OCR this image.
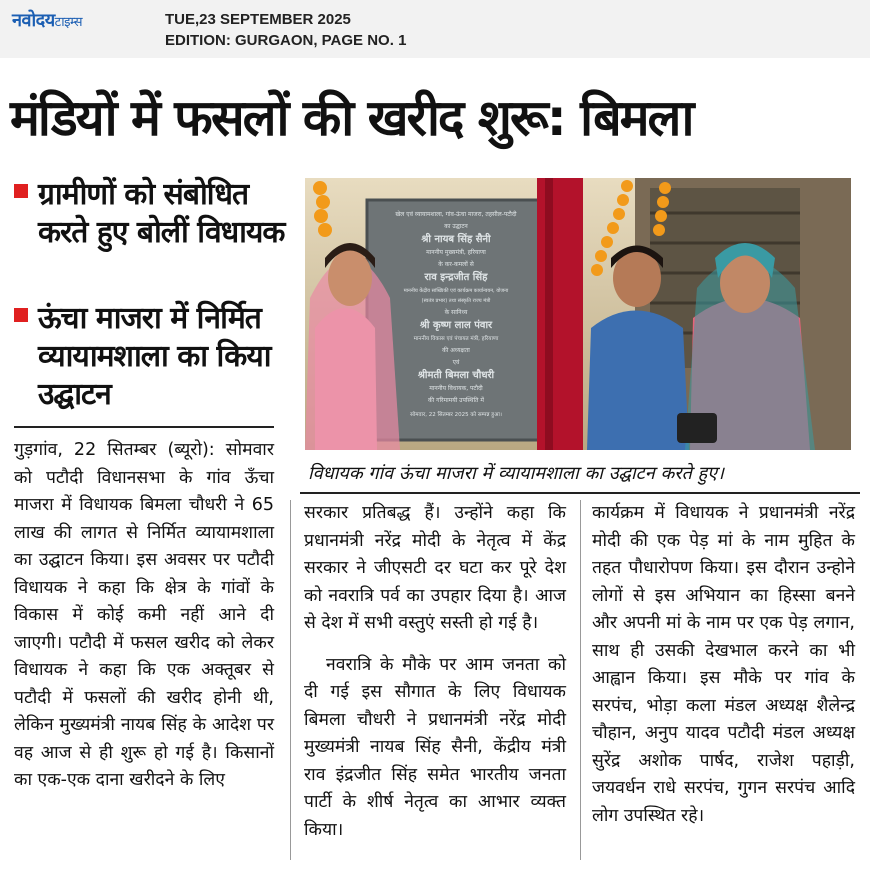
नवोदयटाइम्स	TUE,23 SEPTEMBER 2025
EDITION: GURGAON, PAGE NO. 1
मंडियों में फसलों की खरीद शुरू: बिमला
ग्रामीणों को संबोधित करते हुए बोलीं विधायक
ऊंचा माजरा में निर्मित व्यायामशाला का किया उद्घाटन
खेल एवं व्यायामशाला, गांव-ऊंचा माजरा, तहसील-पटौदी
का उद्घाटन
श्री नायब सिंह सैनी
माननीय मुख्यमंत्री, हरियाणा
के कर-कमलों से
राव इन्द्रजीत सिंह
माननीय केंद्रीय सांख्यिकी एवं कार्यक्रम कार्यान्वयन, योजना
(स्वतंत्र प्रभार) तथा संस्कृति राज्य मंत्री
के सानिध्य
श्री कृष्ण लाल पंवार
माननीय विकास एवं पंचायत मंत्री, हरियाणा
की अध्यक्षता
एवं
श्रीमती बिमला चौधरी
माननीय विधायक, पटौदी
की गरिमामयी उपस्थिति में
सोमवार, 22 सितम्बर 2025 को सम्पन्न हुआ।
विधायक गांव ऊंचा माजरा में व्यायामशाला का उद्घाटन करते हुए।

गुड़गांव, 22 सितम्बर (ब्यूरो): सोमवार को पटौदी विधानसभा के गांव ऊँचा माजरा में विधायक बिमला चौधरी ने 65 लाख की लागत से निर्मित व्यायामशाला का उद्घाटन किया। इस अवसर पर पटौदी विधायक ने कहा कि क्षेत्र के गांवों के विकास में कोई कमी नहीं आने दी जाएगी। पटौदी में फसल खरीद को लेकर विधायक ने कहा कि एक अक्तूबर से पटौदी में फसलों की खरीद होनी थी, लेकिन मुख्यमंत्री नायब सिंह के आदेश पर वह आज से ही शुरू हो गई है। किसानों का एक-एक दाना खरीदने के लिए

सरकार प्रतिबद्ध हैं। उन्होंने कहा कि प्रधानमंत्री नरेंद्र मोदी के नेतृत्व में केंद्र सरकार ने जीएसटी दर घटा कर पूरे देश को नवरात्रि पर्व का उपहार दिया है। आज से देश में सभी वस्तुएं सस्ती हो गई है।

नवरात्रि के मौके पर आम जनता को दी गई इस सौगात के लिए विधायक बिमला चौधरी ने प्रधानमंत्री नरेंद्र मोदी मुख्यमंत्री नायब सिंह सैनी, केंद्रीय मंत्री राव इंद्रजीत सिंह समेत भारतीय जनता पार्टी के शीर्ष नेतृत्व का आभार व्यक्त किया।

कार्यक्रम में विधायक ने प्रधानमंत्री नरेंद्र मोदी की एक पेड़ मां के नाम मुहित के तहत पौधारोपण किया। इस दौरान उन्होने लोगों से इस अभियान का हिस्सा बनने और अपनी मां के नाम पर एक पेड़ लगान, साथ ही उसकी देखभाल करने का भी आह्वान किया। इस मौके पर गांव के सरपंच, भोड़ा कला मंडल अध्यक्ष शैलेन्द्र चौहान, अनुप यादव पटौदी मंडल अध्यक्ष सुरेंद्र अशोक पार्षद, राजेश पहाड़ी, जयवर्धन राधे सरपंच, गुगन सरपंच आदि लोग उपस्थित रहे।
